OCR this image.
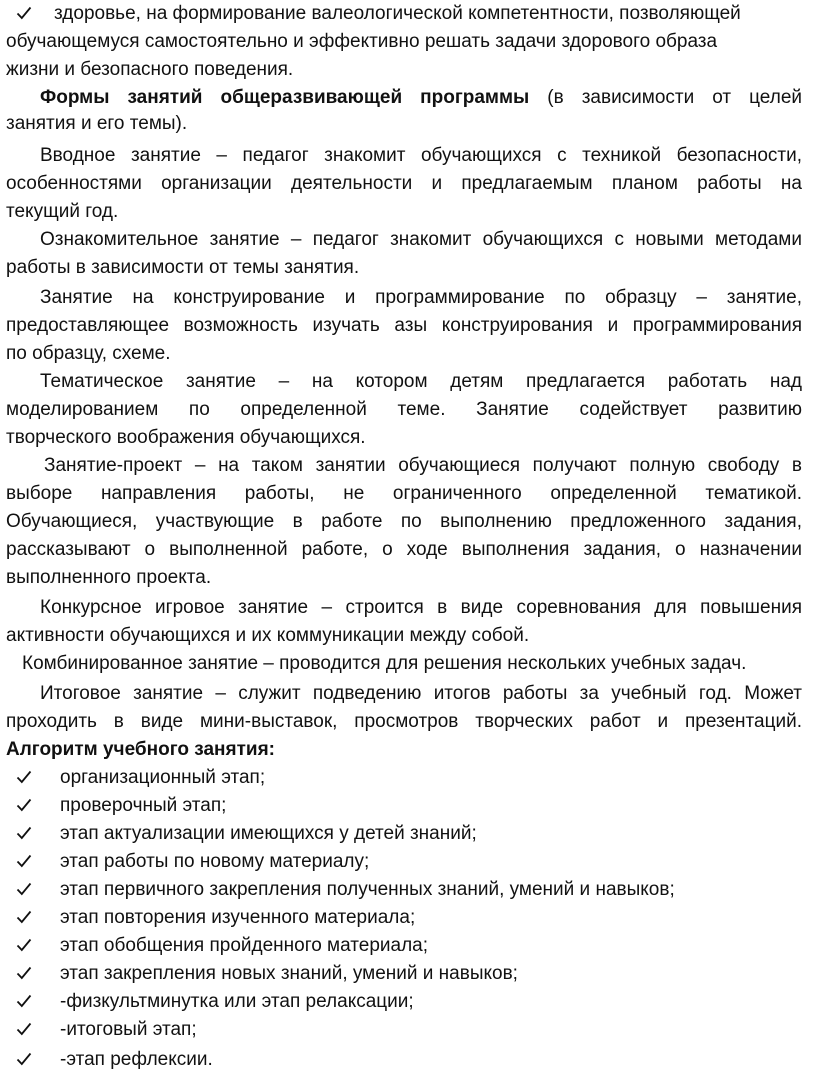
здоровье, на формирование валеологической компетентности, позволяющей
обучающемуся самостоятельно и эффективно решать задачи здорового образа
жизни и безопасного поведения.
Формы занятий общеразвивающей программы (в зависимости от целей
занятия и его темы).
Вводное занятие – педагог знакомит обучающихся с техникой безопасности,
особенностями организации деятельности и предлагаемым планом работы на
текущий год.
Ознакомительное занятие – педагог знакомит обучающихся с новыми методами
работы в зависимости от темы занятия.
Занятие на конструирование и программирование по образцу – занятие,
предоставляющее возможность изучать азы конструирования и программирования
по образцу, схеме.
Тематическое занятие – на котором детям предлагается работать над
моделированием по определенной теме. Занятие содействует развитию
творческого воображения обучающихся.
Занятие-проект – на таком занятии обучающиеся получают полную свободу в
выборе направления работы, не ограниченного определенной тематикой.
Обучающиеся, участвующие в работе по выполнению предложенного задания,
рассказывают о выполненной работе, о ходе выполнения задания, о назначении
выполненного проекта.
Конкурсное игровое занятие – строится в виде соревнования для повышения
активности обучающихся и их коммуникации между собой.
Комбинированное занятие – проводится для решения нескольких учебных задач.
Итоговое занятие – служит подведению итогов работы за учебный год. Может
проходить в виде мини-выставок, просмотров творческих работ и презентаций.
Алгоритм учебного занятия:
организационный этап;
проверочный этап;
этап актуализации имеющихся у детей знаний;
этап работы по новому материалу;
этап первичного закрепления полученных знаний, умений и навыков;
этап повторения изученного материала;
этап обобщения пройденного материала;
этап закрепления новых знаний, умений и навыков;
-физкультминутка или этап релаксации;
-итоговый этап;
-этап рефлексии.
